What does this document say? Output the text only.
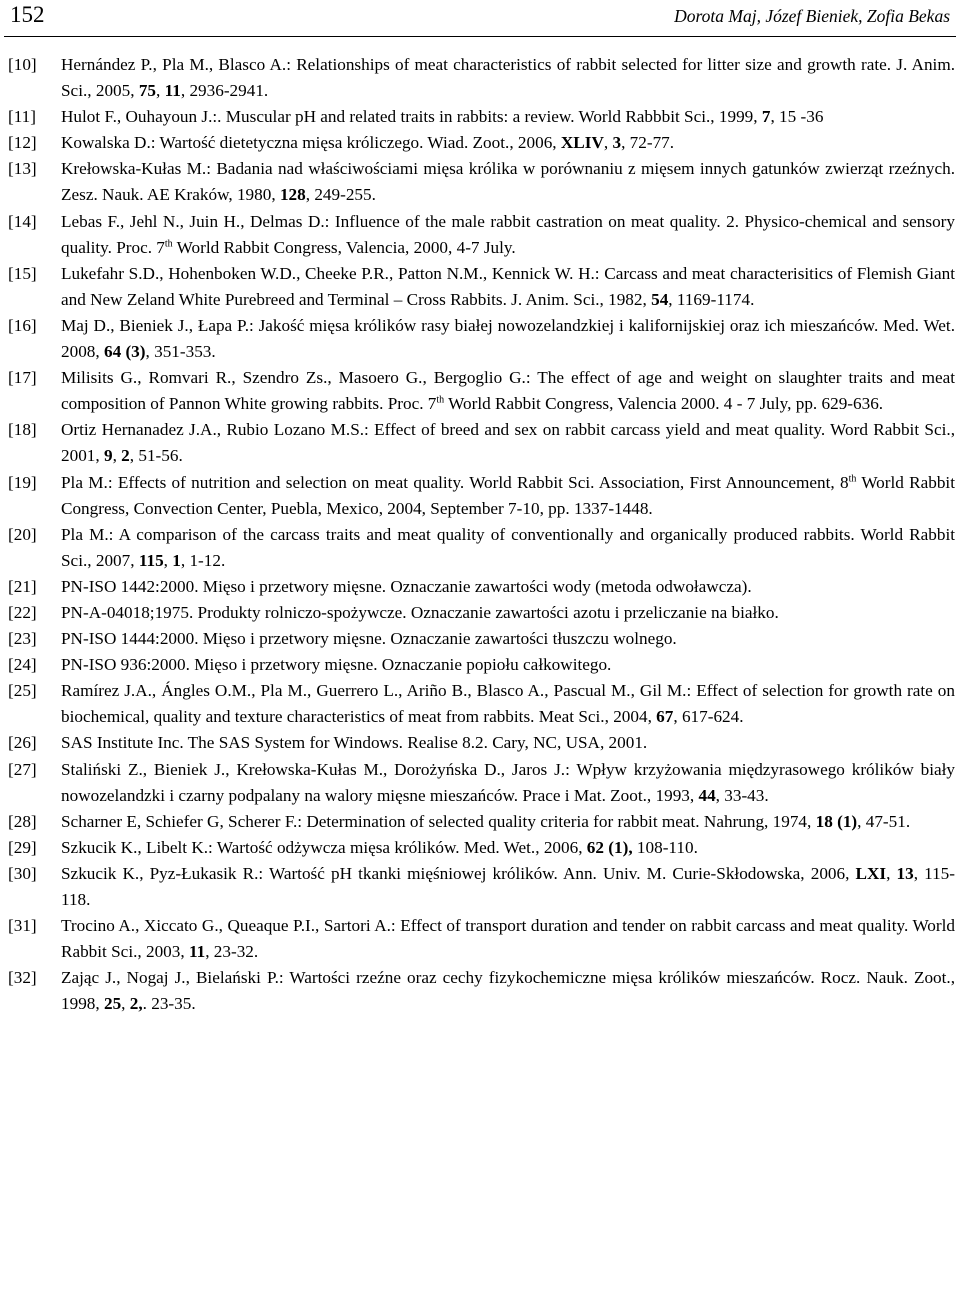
152	Dorota Maj, Józef Bieniek, Zofia Bekas
[10]	Hernández P., Pla M., Blasco A.: Relationships of meat characteristics of rabbit selected for litter size and growth rate. J. Anim. Sci., 2005, 75, 11, 2936-2941.
[11]	Hulot F., Ouhayoun J.:. Muscular pH and related traits in rabbits: a review. World Rabbbit Sci., 1999, 7, 15 -36
[12]	Kowalska D.: Wartość dietetyczna mięsa króliczego. Wiad. Zoot., 2006, XLIV, 3, 72-77.
[13]	Krełowska-Kułas M.: Badania nad właściwościami mięsa królika w porównaniu z mięsem innych gatunków zwierząt rzeźnych. Zesz. Nauk. AE Kraków, 1980, 128, 249-255.
[14]	Lebas F., Jehl N., Juin H., Delmas D.: Influence of the male rabbit castration on meat quality. 2. Physico-chemical and sensory quality. Proc. 7th World Rabbit Congress, Valencia, 2000, 4-7 July.
[15]	Lukefahr S.D., Hohenboken W.D., Cheeke P.R., Patton N.M., Kennick W. H.: Carcass and meat characterisitics of Flemish Giant and New Zeland White Purebreed and Terminal – Cross Rabbits. J. Anim. Sci., 1982, 54, 1169-1174.
[16]	Maj D., Bieniek J., Łapa P.: Jakość mięsa królików rasy białej nowozelandzkiej i kalifornijskiej oraz ich mieszańców. Med. Wet. 2008, 64 (3), 351-353.
[17]	Milisits G., Romvari R., Szendro Zs., Masoero G., Bergoglio G.: The effect of age and weight on slaughter traits and meat composition of Pannon White growing rabbits. Proc. 7th World Rabbit Congress, Valencia 2000. 4 - 7 July, pp. 629-636.
[18]	Ortiz Hernanadez J.A., Rubio Lozano M.S.: Effect of breed and sex on rabbit carcass yield and meat quality. Word Rabbit Sci., 2001, 9, 2, 51-56.
[19]	Pla M.: Effects of nutrition and selection on meat quality. World Rabbit Sci. Association, First Announcement, 8th World Rabbit Congress, Convection Center, Puebla, Mexico, 2004, September 7-10, pp. 1337-1448.
[20]	Pla M.: A comparison of the carcass traits and meat quality of conventionally and organically produced rabbits. World Rabbit Sci., 2007, 115, 1, 1-12.
[21]	PN-ISO 1442:2000. Mięso i przetwory mięsne. Oznaczanie zawartości wody (metoda odwoławcza).
[22]	PN-A-04018;1975. Produkty rolniczo-spożywcze. Oznaczanie zawartości azotu i przeliczanie na białko.
[23]	PN-ISO 1444:2000. Mięso i przetwory mięsne. Oznaczanie zawartości tłuszczu wolnego.
[24]	PN-ISO 936:2000. Mięso i przetwory mięsne. Oznaczanie popiołu całkowitego.
[25]	Ramírez J.A., Ángles O.M., Pla M., Guerrero L., Ariño B., Blasco A., Pascual M., Gil M.: Effect of selection for growth rate on biochemical, quality and texture characteristics of meat from rabbits. Meat Sci., 2004, 67, 617-624.
[26]	SAS Institute Inc. The SAS System for Windows. Realise 8.2. Cary, NC, USA, 2001.
[27]	Staliński Z., Bieniek J., Krełowska-Kułas M., Dorożyńska D., Jaros J.: Wpływ krzyżowania międzyrasowego królików biały nowozelandzki i czarny podpalany na walory mięsne mieszańców. Prace i Mat. Zoot., 1993, 44, 33-43.
[28]	Scharner E, Schiefer G, Scherer F.: Determination of selected quality criteria for rabbit meat. Nahrung, 1974, 18 (1), 47-51.
[29]	Szkucik K., Libelt K.: Wartość odżywcza mięsa królików. Med. Wet., 2006, 62 (1), 108-110.
[30]	Szkucik K., Pyz-Łukasik R.: Wartość pH tkanki mięśniowej królików. Ann. Univ. M. Curie-Skłodowska, 2006, LXI, 13, 115-118.
[31]	Trocino A., Xiccato G., Queaque P.I., Sartori A.: Effect of transport duration and tender on rabbit carcass and meat quality. World Rabbit Sci., 2003, 11, 23-32.
[32]	Zając J., Nogaj J., Bielański P.: Wartości rzeźne oraz cechy fizykochemiczne mięsa królików mieszańców. Rocz. Nauk. Zoot., 1998, 25, 2,. 23-35.
